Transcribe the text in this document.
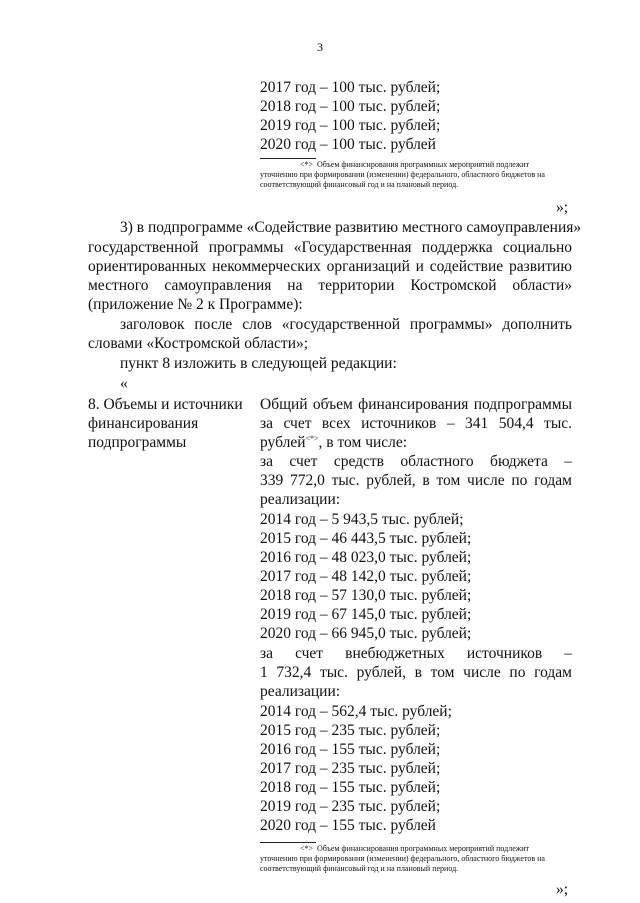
3
2017 год – 100 тыс. рублей;
2018 год – 100 тыс. рублей;
2019 год – 100 тыс. рублей;
2020 год – 100 тыс. рублей
<*> Объем финансирования программных мероприятий подлежит
уточнению при формировании (изменении) федерального, областного бюджетов на
соответствующий финансовый год и на плановый период.
»;
3) в подпрограмме «Содействие развитию местного самоуправления»
государственной программы «Государственная поддержка социально
ориентированных некоммерческих организаций и содействие развитию
местного самоуправления на территории Костромской области»
(приложение № 2 к Программе):
заголовок после слов «государственной программы» дополнить
словами «Костромской области»;
пункт 8 изложить в следующей редакции:
«
8. Объемы и источники
финансирования
подпрограммы
Общий объем финансирования подпрограммы
за счет всех источников – 341 504,4 тыс.
рублей<*>, в том числе:
за счет средств областного бюджета –
339 772,0 тыс. рублей, в том числе по годам
реализации:
2014 год – 5 943,5 тыс. рублей;
2015 год – 46 443,5 тыс. рублей;
2016 год – 48 023,0 тыс. рублей;
2017 год – 48 142,0 тыс. рублей;
2018 год – 57 130,0 тыс. рублей;
2019 год – 67 145,0 тыс. рублей;
2020 год – 66 945,0 тыс. рублей;
за счет внебюджетных источников –
1 732,4 тыс. рублей, в том числе по годам
реализации:
2014 год – 562,4 тыс. рублей;
2015 год – 235 тыс. рублей;
2016 год – 155 тыс. рублей;
2017 год – 235 тыс. рублей;
2018 год – 155 тыс. рублей;
2019 год – 235 тыс. рублей;
2020 год – 155 тыс. рублей
<*> Объем финансирования программных мероприятий подлежит
уточнению при формировании (изменении) федерального, областного бюджетов на
соответствующий финансовый год и на плановый период.
»;
